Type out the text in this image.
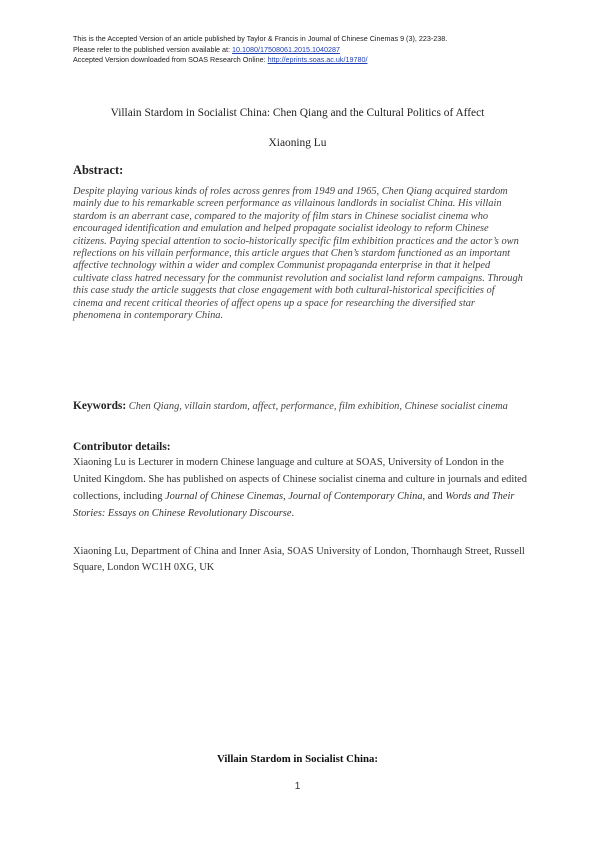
This is the Accepted Version of an article published by Taylor & Francis in Journal of Chinese Cinemas 9 (3), 223-238.
Please refer to the published version available at: 10.1080/17508061.2015.1040287
Accepted Version downloaded from SOAS Research Online: http://eprints.soas.ac.uk/19780/
Villain Stardom in Socialist China: Chen Qiang and the Cultural Politics of Affect
Xiaoning Lu
Abstract:
Despite playing various kinds of roles across genres from 1949 and 1965, Chen Qiang acquired stardom mainly due to his remarkable screen performance as villainous landlords in socialist China. His villain stardom is an aberrant case, compared to the majority of film stars in Chinese socialist cinema who encouraged identification and emulation and helped propagate socialist ideology to reform Chinese citizens. Paying special attention to socio-historically specific film exhibition practices and the actor’s own reflections on his villain performance, this article argues that Chen’s stardom functioned as an important affective technology within a wider and complex Communist propaganda enterprise in that it helped cultivate class hatred necessary for the communist revolution and socialist land reform campaigns. Through this case study the article suggests that close engagement with both cultural-historical specificities of cinema and recent critical theories of affect opens up a space for researching the diversified star phenomena in contemporary China.
Keywords: Chen Qiang, villain stardom, affect, performance, film exhibition, Chinese socialist cinema
Contributor details:
Xiaoning Lu is Lecturer in modern Chinese language and culture at SOAS, University of London in the United Kingdom. She has published on aspects of Chinese socialist cinema and culture in journals and edited collections, including Journal of Chinese Cinemas, Journal of Contemporary China, and Words and Their Stories: Essays on Chinese Revolutionary Discourse.
Xiaoning Lu, Department of China and Inner Asia, SOAS University of London, Thornhaugh Street, Russell Square, London WC1H 0XG, UK
Villain Stardom in Socialist China:
1
